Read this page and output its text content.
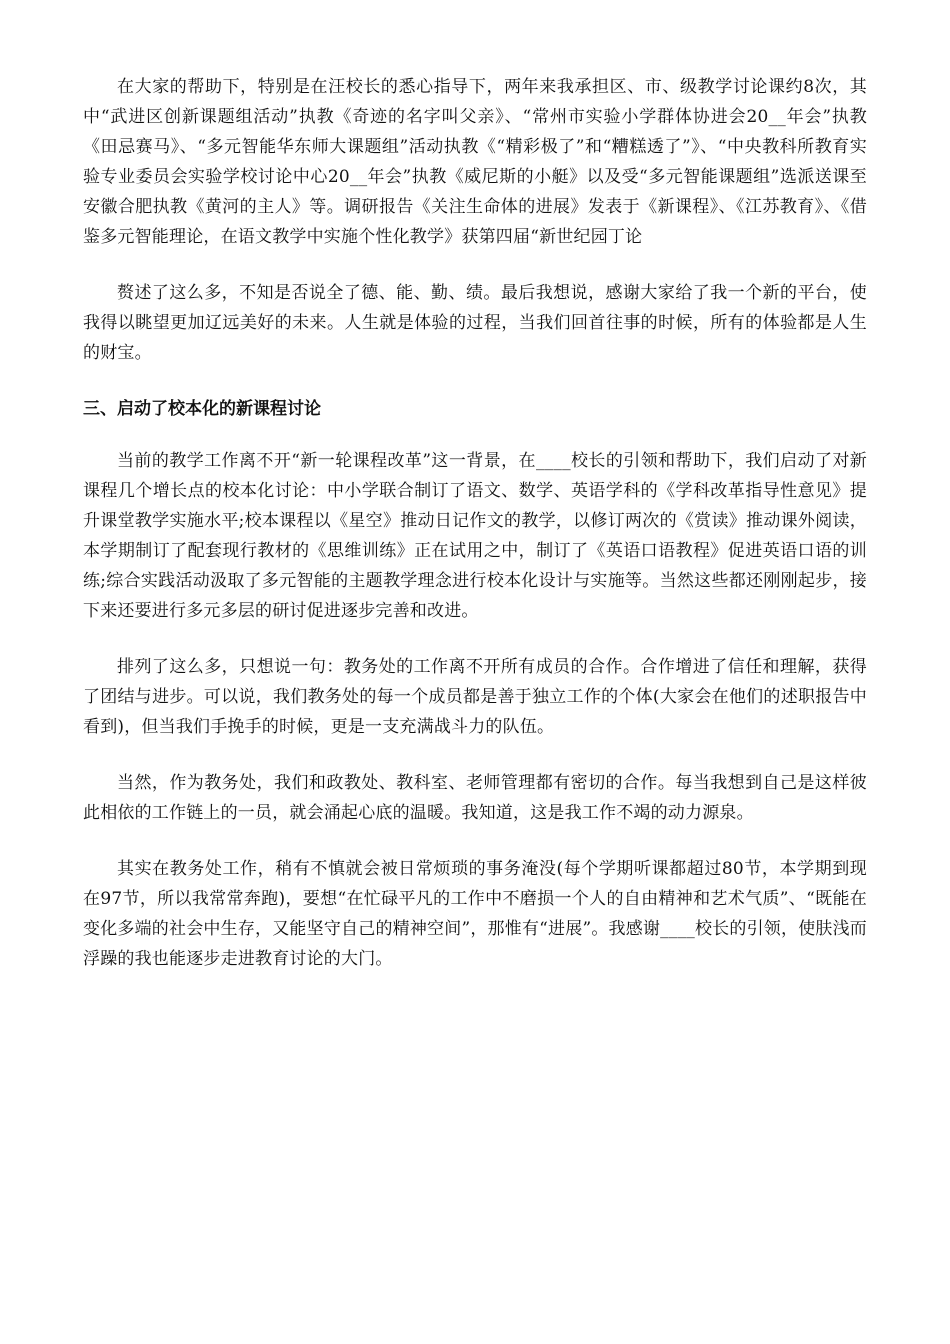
在大家的帮助下，特别是在汪校长的悉心指导下，两年来我承担区、市、级教学讨论课约8次，其中“武进区创新课题组活动”执教《奇迹的名字叫父亲》、“常州市实验小学群体协进会20__年会”执教《田忌赛马》、“多元智能华东师大课题组”活动执教《“精彩极了”和“糟糕透了”》、“中央教科所教育实验专业委员会实验学校讨论中心20__年会”执教《威尼斯的小艇》以及受“多元智能课题组”选派送课至安徽合肥执教《黄河的主人》等。调研报告《关注生命体的进展》发表于《新课程》、《江苏教育》、《借鉴多元智能理论，在语文教学中实施个性化教学》获第四届“新世纪园丁论

赘述了这么多，不知是否说全了德、能、勤、绩。最后我想说，感谢大家给了我一个新的平台，使我得以眺望更加辽远美好的未来。人生就是体验的过程，当我们回首往事的时候，所有的体验都是人生的财宝。

三、启动了校本化的新课程讨论

当前的教学工作离不开“新一轮课程改革”这一背景，在____校长的引领和帮助下，我们启动了对新课程几个增长点的校本化讨论：中小学联合制订了语文、数学、英语学科的《学科改革指导性意见》提升课堂教学实施水平;校本课程以《星空》推动日记作文的教学，以修订两次的《赏读》推动课外阅读，本学期制订了配套现行教材的《思维训练》正在试用之中，制订了《英语口语教程》促进英语口语的训练;综合实践活动汲取了多元智能的主题教学理念进行校本化设计与实施等。当然这些都还刚刚起步，接下来还要进行多元多层的研讨促进逐步完善和改进。

排列了这么多，只想说一句：教务处的工作离不开所有成员的合作。合作增进了信任和理解，获得了团结与进步。可以说，我们教务处的每一个成员都是善于独立工作的个体(大家会在他们的述职报告中看到)，但当我们手挽手的时候，更是一支充满战斗力的队伍。

当然，作为教务处，我们和政教处、教科室、老师管理都有密切的合作。每当我想到自己是这样彼此相依的工作链上的一员，就会涌起心底的温暖。我知道，这是我工作不竭的动力源泉。

其实在教务处工作，稍有不慎就会被日常烦琐的事务淹没(每个学期听课都超过80节，本学期到现在97节，所以我常常奔跑)，要想“在忙碌平凡的工作中不磨损一个人的自由精神和艺术气质”、“既能在变化多端的社会中生存，又能坚守自己的精神空间”，那惟有“进展”。我感谢____校长的引领，使肤浅而浮躁的我也能逐步走进教育讨论的大门。
